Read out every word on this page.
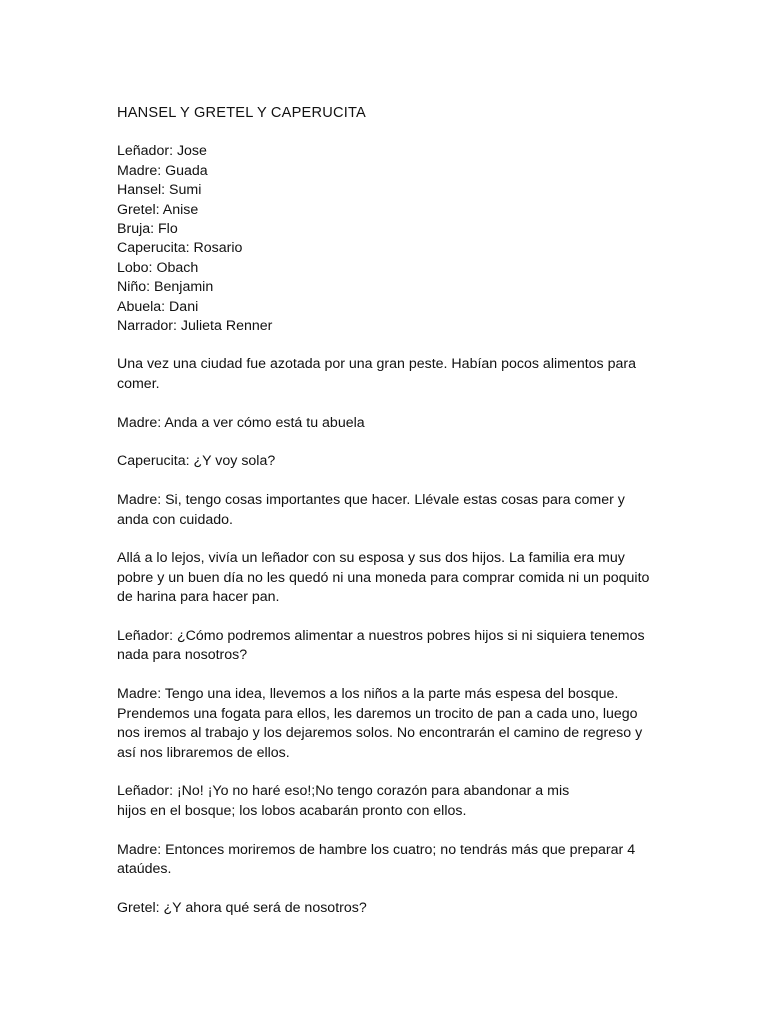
HANSEL Y GRETEL Y CAPERUCITA
Leñador: Jose
Madre: Guada
Hansel: Sumi
Gretel: Anise
Bruja: Flo
Caperucita: Rosario
Lobo: Obach
Niño: Benjamin
Abuela: Dani
Narrador: Julieta Renner

Una vez una ciudad fue azotada por una gran peste. Habían pocos alimentos para
comer.

Madre: Anda a ver cómo está tu abuela

Caperucita: ¿Y voy sola?

Madre: Si, tengo cosas importantes que hacer. Llévale estas cosas para comer y
anda con cuidado.

Allá a lo lejos, vivía un leñador con su esposa y sus dos hijos. La familia era muy
pobre y un buen día no les quedó ni una moneda para comprar comida ni un poquito
de harina para hacer pan.

Leñador: ¿Cómo podremos alimentar a nuestros pobres hijos si ni siquiera tenemos
nada para nosotros?

Madre: Tengo una idea, llevemos a los niños a la parte más espesa del bosque.
Prendemos una fogata para ellos, les daremos un trocito de pan a cada uno, luego
nos iremos al trabajo y los dejaremos solos. No encontrarán el camino de regreso y
así nos libraremos de ellos.

Leñador: ¡No! ¡Yo no haré eso!;No tengo corazón para abandonar a mis
hijos en el bosque; los lobos acabarán pronto con ellos.

Madre: Entonces moriremos de hambre los cuatro; no tendrás más que preparar 4
ataúdes.

Gretel: ¿Y ahora qué será de nosotros?
